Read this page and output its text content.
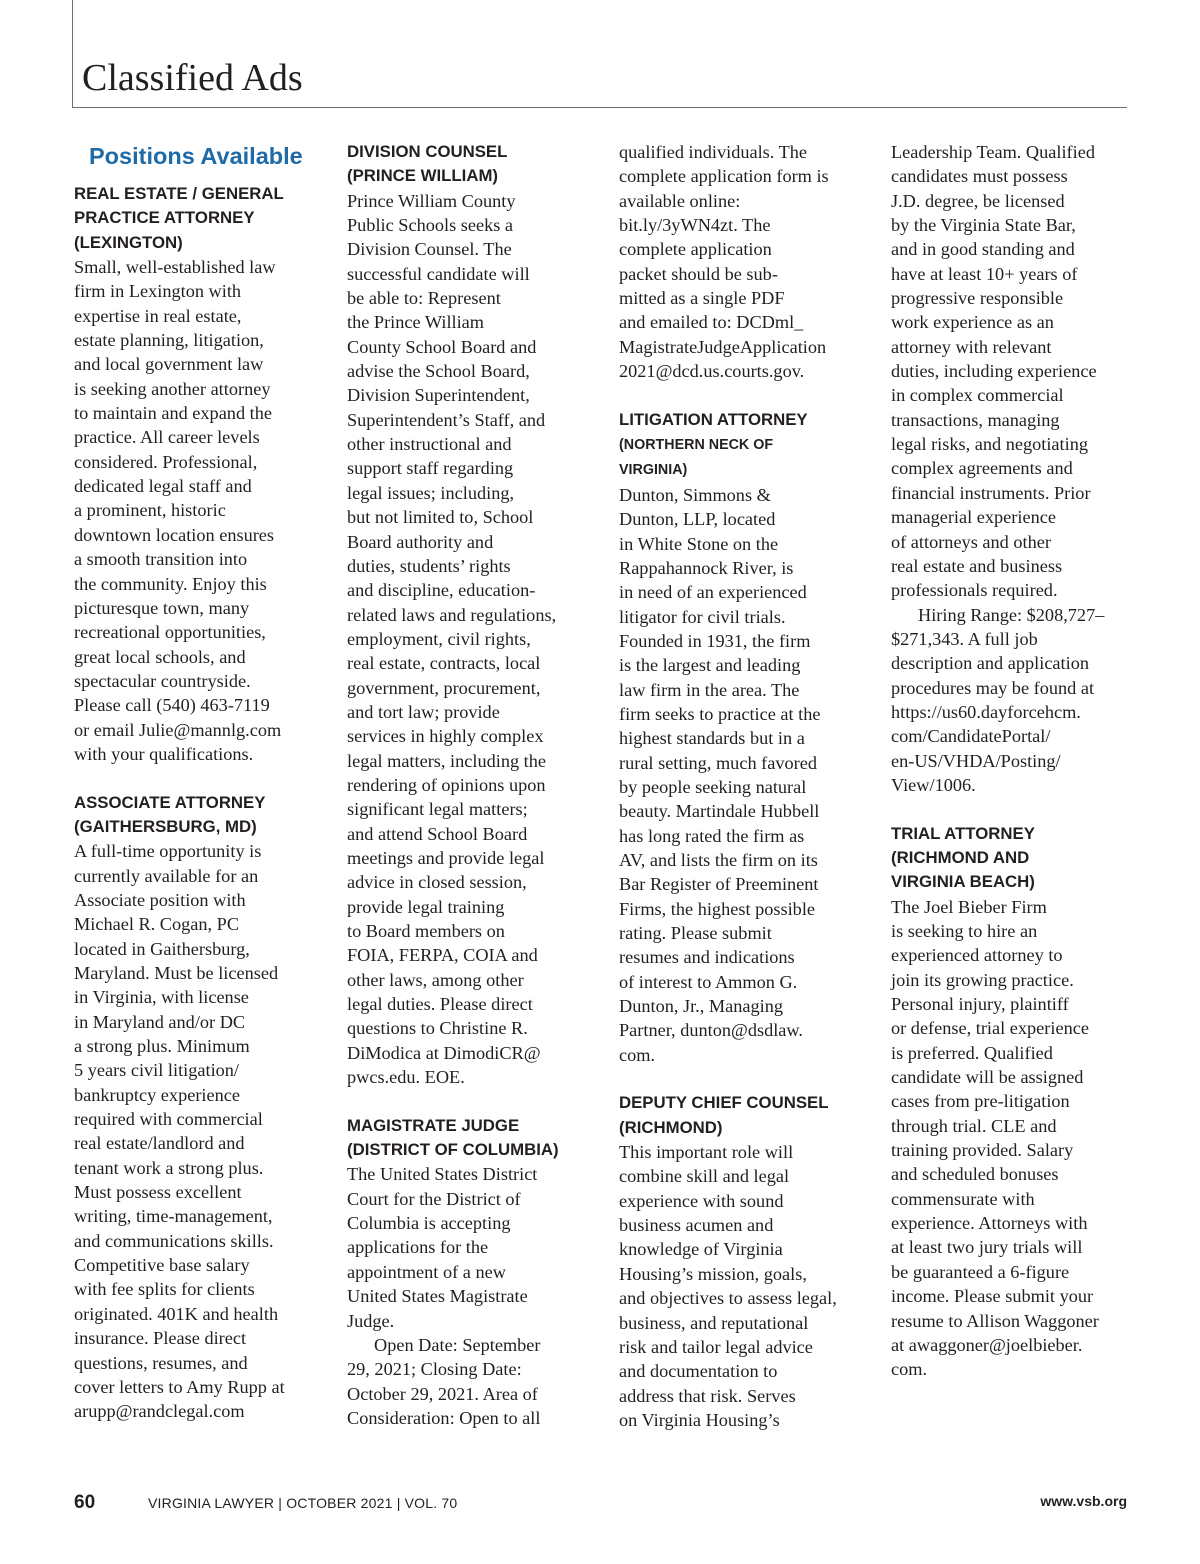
Classified Ads
Positions Available
REAL ESTATE / GENERAL
PRACTICE ATTORNEY
(LEXINGTON)

Small, well-established law
firm in Lexington with
expertise in real estate,
estate planning, litigation,
and local government law
is seeking another attorney
to maintain and expand the
practice. All career levels
considered. Professional,
dedicated legal staff and
a prominent, historic
downtown location ensures
a smooth transition into
the community. Enjoy this
picturesque town, many
recreational opportunities,
great local schools, and
spectacular countryside.
Please call (540) 463-7119
or email Julie@mannlg.com
with your qualifications.

ASSOCIATE ATTORNEY
(GAITHERSBURG, MD)

A full-time opportunity is
currently available for an
Associate position with
Michael R. Cogan, PC
located in Gaithersburg,
Maryland. Must be licensed
in Virginia, with license
in Maryland and/or DC
a strong plus. Minimum
5 years civil litigation/
bankruptcy experience
required with commercial
real estate/landlord and
tenant work a strong plus.
Must possess excellent
writing, time-management,
and communications skills.
Competitive base salary
with fee splits for clients
originated. 401K and health
insurance. Please direct
questions, resumes, and
cover letters to Amy Rupp at
arupp@randclegal.com

DIVISION COUNSEL
(PRINCE WILLIAM)

Prince William County
Public Schools seeks a
Division Counsel. The
successful candidate will
be able to: Represent
the Prince William
County School Board and
advise the School Board,
Division Superintendent,
Superintendent’s Staff, and
other instructional and
support staff regarding
legal issues; including,
but not limited to, School
Board authority and
duties, students’ rights
and discipline, education-
related laws and regulations,
employment, civil rights,
real estate, contracts, local
government, procurement,
and tort law; provide
services in highly complex
legal matters, including the
rendering of opinions upon
significant legal matters;
and attend School Board
meetings and provide legal
advice in closed session,
provide legal training
to Board members on
FOIA, FERPA, COIA and
other laws, among other
legal duties. Please direct
questions to Christine R.
DiModica at DimodiCR@
pwcs.edu. EOE.

MAGISTRATE JUDGE
(DISTRICT OF COLUMBIA)

The United States District
Court for the District of
Columbia is accepting
applications for the
appointment of a new
United States Magistrate
Judge.

Open Date: September
29, 2021; Closing Date:
October 29, 2021. Area of
Consideration: Open to all

qualified individuals. The
complete application form is
available online:
bit.ly/3yWN4zt. The
complete application
packet should be sub-
mitted as a single PDF
and emailed to: DCDml_
MagistrateJudgeApplication
2021@dcd.us.courts.gov.

LITIGATION ATTORNEY
(NORTHERN NECK OF
VIRGINIA)

Dunton, Simmons &
Dunton, LLP, located
in White Stone on the
Rappahannock River, is
in need of an experienced
litigator for civil trials.
Founded in 1931, the firm
is the largest and leading
law firm in the area. The
firm seeks to practice at the
highest standards but in a
rural setting, much favored
by people seeking natural
beauty. Martindale Hubbell
has long rated the firm as
AV, and lists the firm on its
Bar Register of Preeminent
Firms, the highest possible
rating. Please submit
resumes and indications
of interest to Ammon G.
Dunton, Jr., Managing
Partner, dunton@dsdlaw.
com.

DEPUTY CHIEF COUNSEL
(RICHMOND)

This important role will
combine skill and legal
experience with sound
business acumen and
knowledge of Virginia
Housing’s mission, goals,
and objectives to assess legal,
business, and reputational
risk and tailor legal advice
and documentation to
address that risk. Serves
on Virginia Housing’s

Leadership Team. Qualified
candidates must possess
J.D. degree, be licensed
by the Virginia State Bar,
and in good standing and
have at least 10+ years of
progressive responsible
work experience as an
attorney with relevant
duties, including experience
in complex commercial
transactions, managing
legal risks, and negotiating
complex agreements and
financial instruments. Prior
managerial experience
of attorneys and other
real estate and business
professionals required.

Hiring Range: $208,727–
$271,343. A full job
description and application
procedures may be found at
https://us60.dayforcehcm.
com/CandidatePortal/
en-US/VHDA/Posting/
View/1006.

TRIAL ATTORNEY
(RICHMOND AND
VIRGINIA BEACH)

The Joel Bieber Firm
is seeking to hire an
experienced attorney to
join its growing practice.
Personal injury, plaintiff
or defense, trial experience
is preferred. Qualified
candidate will be assigned
cases from pre-litigation
through trial. CLE and
training provided. Salary
and scheduled bonuses
commensurate with
experience. Attorneys with
at least two jury trials will
be guaranteed a 6-figure
income. Please submit your
resume to Allison Waggoner
at awaggoner@joelbieber.
com.

60	VIRGINIA LAWYER | OCTOBER 2021 | VOL. 70	www.vsb.org
